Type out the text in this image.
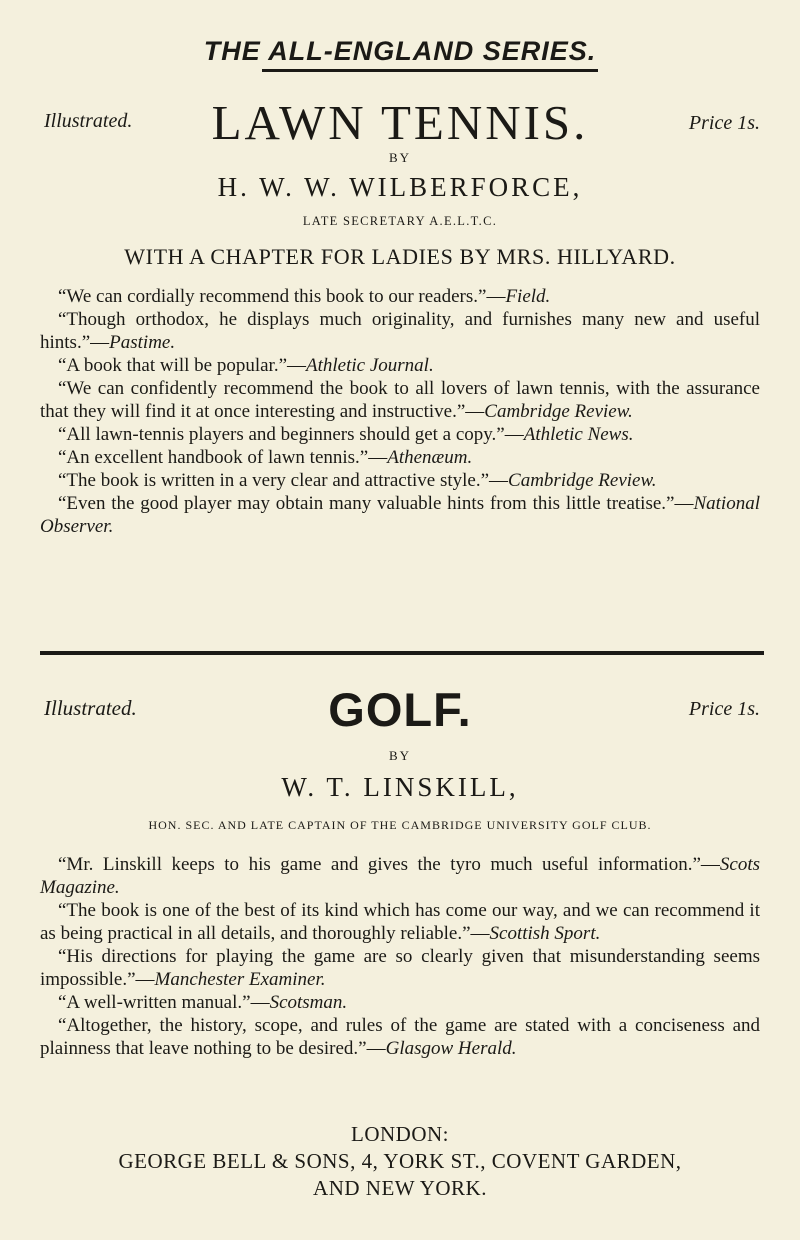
THE ALL-ENGLAND SERIES.
Illustrated.	LAWN TENNIS.	Price 1s.
BY
H. W. W. WILBERFORCE,
LATE SECRETARY A.E.L.T.C.
WITH A CHAPTER FOR LADIES BY MRS. HILLYARD.

“We can cordially recommend this book to our readers.”—Field.

“Though orthodox, he displays much originality, and furnishes many new and useful hints.”—Pastime.

“A book that will be popular.”—Athletic Journal.

“We can confidently recommend the book to all lovers of lawn tennis, with the assurance that they will find it at once interesting and instructive.”—Cambridge Review.

“All lawn-tennis players and beginners should get a copy.”—Athletic News.

“An excellent handbook of lawn tennis.”—Athenæum.

“The book is written in a very clear and attractive style.”—Cambridge Review.

“Even the good player may obtain many valuable hints from this little treatise.”—National Observer.

Illustrated.	GOLF.	Price 1s.
BY
W. T. LINSKILL,
HON. SEC. AND LATE CAPTAIN OF THE CAMBRIDGE UNIVERSITY GOLF CLUB.

“Mr. Linskill keeps to his game and gives the tyro much useful information.”—Scots Magazine.

“The book is one of the best of its kind which has come our way, and we can recommend it as being practical in all details, and thoroughly reliable.”—Scottish Sport.

“His directions for playing the game are so clearly given that misunderstanding seems impossible.”—Manchester Examiner.

“A well-written manual.”—Scotsman.

“Altogether, the history, scope, and rules of the game are stated with a conciseness and plainness that leave nothing to be desired.”—Glasgow Herald.

LONDON:
GEORGE BELL & SONS, 4, YORK ST., COVENT GARDEN,
AND NEW YORK.
